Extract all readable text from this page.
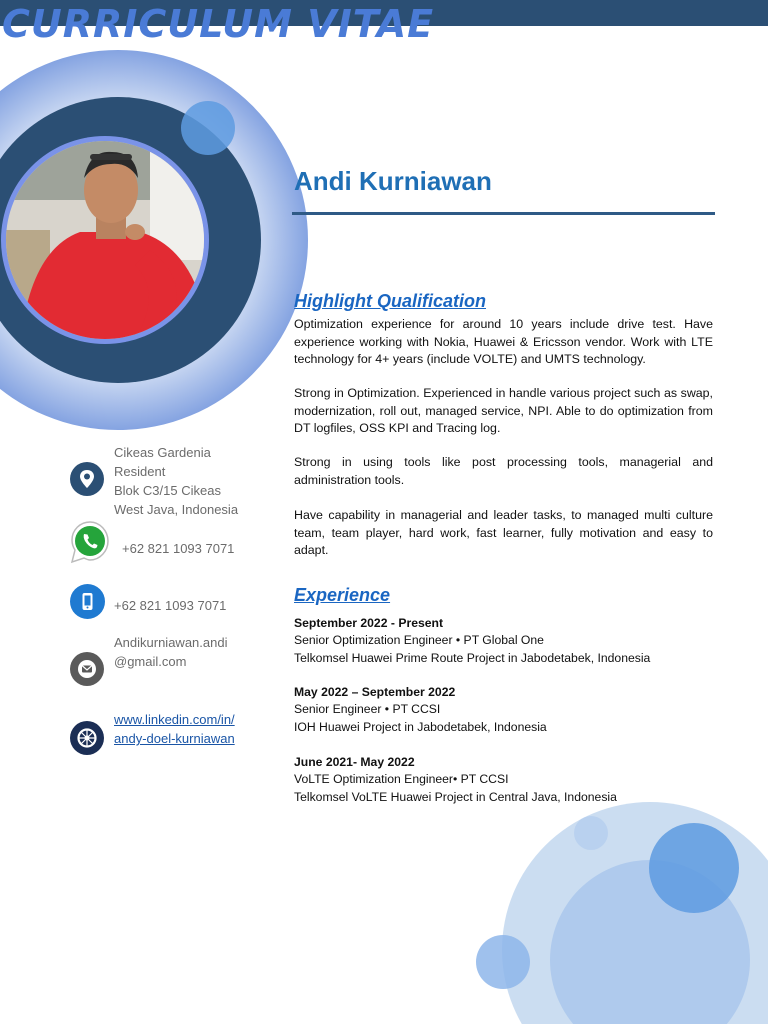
CURRICULUM VITAE
Andi Kurniawan
Cikeas Gardenia
Resident
Blok C3/15 Cikeas
West Java, Indonesia
+62 821 1093 7071
+62 821 1093 7071
Andikurniawan.andi
@gmail.com
www.linkedin.com/in/
andy-doel-kurniawan
Highlight Qualification

Optimization experience for around 10 years include drive test. Have experience working with Nokia, Huawei & Ericsson vendor. Work with LTE technology for 4+ years (include VOLTE) and UMTS technology.

Strong in Optimization. Experienced in handle various project such as swap, modernization, roll out, managed service, NPI. Able to do optimization from DT logfiles, OSS KPI and Tracing log.

Strong in using tools like post processing tools, managerial and administration tools.

Have capability in managerial and leader tasks, to managed multi culture team, team player, hard work, fast learner, fully motivation and easy to adapt.

Experience
September 2022 - Present
Senior Optimization Engineer • PT Global One
Telkomsel Huawei Prime Route Project in Jabodetabek, Indonesia
May 2022 – September 2022
Senior Engineer • PT CCSI
IOH Huawei Project in Jabodetabek, Indonesia
June 2021- May 2022
VoLTE Optimization Engineer• PT CCSI
Telkomsel VoLTE Huawei Project in Central Java, Indonesia
